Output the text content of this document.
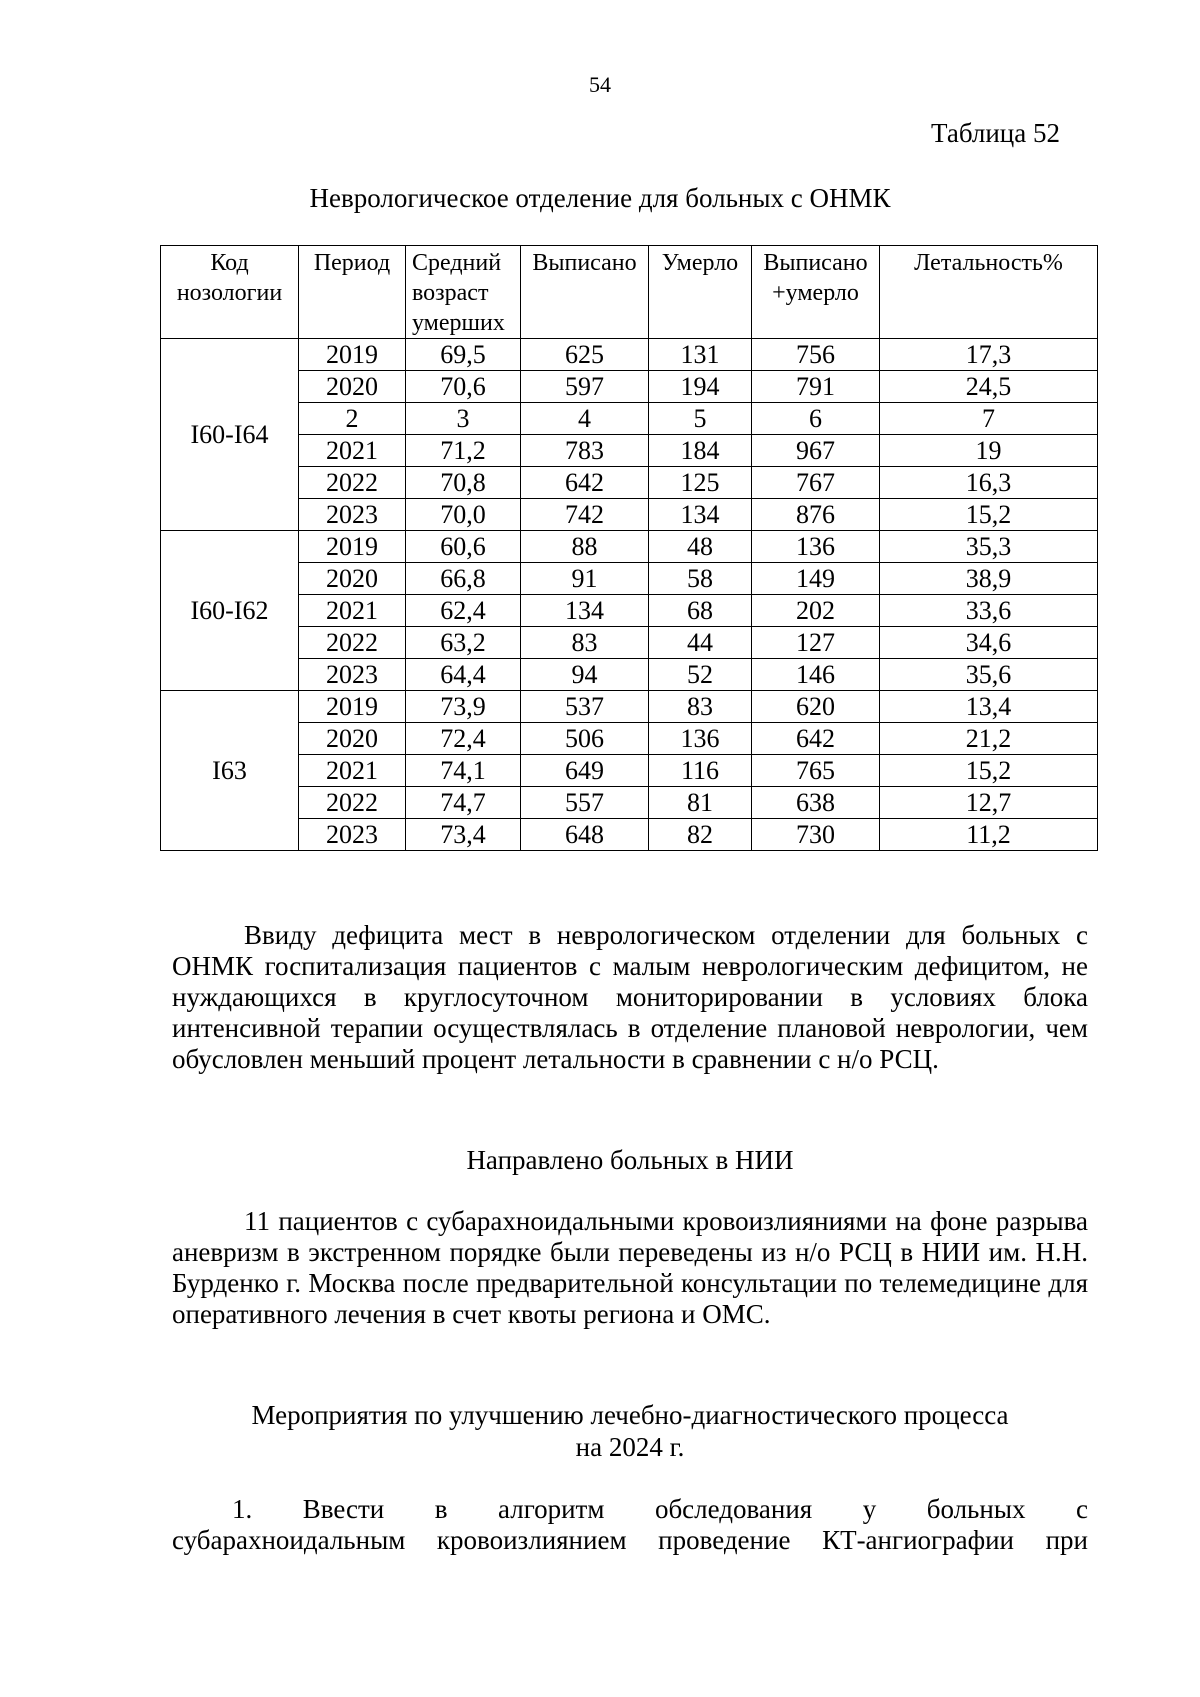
54
Таблица 52
Неврологическое отделение для больных с ОНМК
Код нозологии	Период	Средний возраст умерших	Выписано	Умерло	Выписано +умерло	Летальность%
I60-I64	2019	69,5	625	131	756	17,3
	2020	70,6	597	194	791	24,5
	2	3	4	5	6	7
	2021	71,2	783	184	967	19
	2022	70,8	642	125	767	16,3
	2023	70,0	742	134	876	15,2
I60-I62	2019	60,6	88	48	136	35,3
	2020	66,8	91	58	149	38,9
	2021	62,4	134	68	202	33,6
	2022	63,2	83	44	127	34,6
	2023	64,4	94	52	146	35,6
I63	2019	73,9	537	83	620	13,4
	2020	72,4	506	136	642	21,2
	2021	74,1	649	116	765	15,2
	2022	74,7	557	81	638	12,7
	2023	73,4	648	82	730	11,2

Ввиду дефицита мест в неврологическом отделении для больных с ОНМК госпитализация пациентов с малым неврологическим дефицитом, не нуждающихся в круглосуточном мониторировании в условиях блока интенсивной терапии осуществлялась в отделение плановой неврологии, чем обусловлен меньший процент летальности в сравнении с н/о РСЦ.

Направлено больных в НИИ

11 пациентов с субарахноидальными кровоизлияниями на фоне разрыва аневризм в экстренном порядке были переведены из н/о РСЦ в НИИ им. Н.Н. Бурденко г. Москва после предварительной консультации по телемедицине для оперативного лечения в счет квоты региона и ОМС.

Мероприятия по улучшению лечебно-диагностического процесса
на 2024 г.
1. Ввести в алгоритм обследования у больных с
субарахноидальным кровоизлиянием проведение КТ-ангиографии при
